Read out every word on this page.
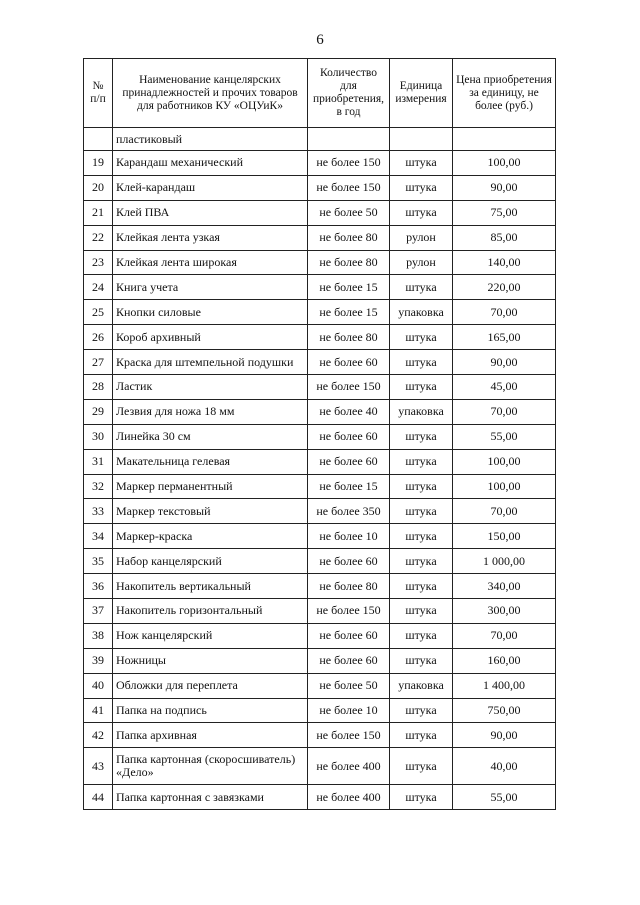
6
№ п/п	Наименование канцелярских принадлежностей и прочих товаров для работников КУ «ОЦУиК»	Количество для приобретения, в год	Единица измерения	Цена приобретения за единицу, не более (руб.)
	пластиковый			
19	Карандаш механический	не более 150	штука	100,00
20	Клей-карандаш	не более 150	штука	90,00
21	Клей ПВА	не более 50	штука	75,00
22	Клейкая лента узкая	не более 80	рулон	85,00
23	Клейкая лента широкая	не более 80	рулон	140,00
24	Книга учета	не более 15	штука	220,00
25	Кнопки силовые	не более 15	упаковка	70,00
26	Короб архивный	не более 80	штука	165,00
27	Краска для штемпельной подушки	не более 60	штука	90,00
28	Ластик	не более 150	штука	45,00
29	Лезвия для ножа 18 мм	не более 40	упаковка	70,00
30	Линейка 30 см	не более 60	штука	55,00
31	Макательница гелевая	не более 60	штука	100,00
32	Маркер перманентный	не более 15	штука	100,00
33	Маркер текстовый	не более 350	штука	70,00
34	Маркер-краска	не более 10	штука	150,00
35	Набор канцелярский	не более 60	штука	1 000,00
36	Накопитель вертикальный	не более 80	штука	340,00
37	Накопитель горизонтальный	не более 150	штука	300,00
38	Нож канцелярский	не более 60	штука	70,00
39	Ножницы	не более 60	штука	160,00
40	Обложки для переплета	не более 50	упаковка	1 400,00
41	Папка на подпись	не более 10	штука	750,00
42	Папка архивная	не более 150	штука	90,00
43	Папка картонная (скоросшиватель) «Дело»	не более 400	штука	40,00
44	Папка картонная с завязками	не более 400	штука	55,00
